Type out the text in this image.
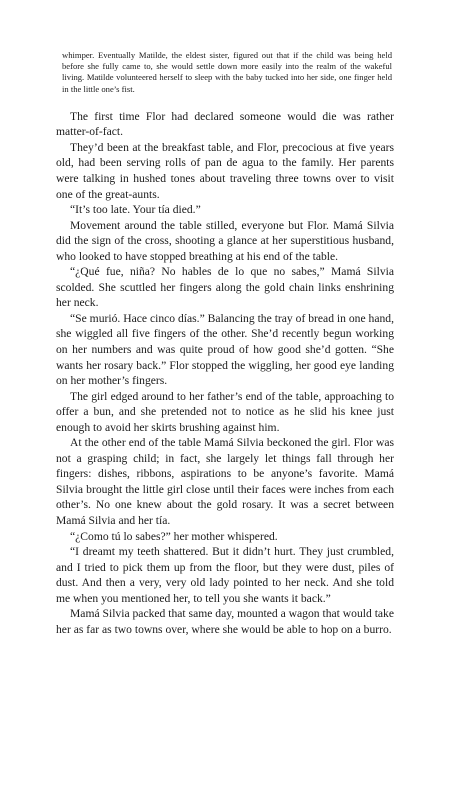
whimper. Eventually Matilde, the eldest sister, figured out that if the child was being held before she fully came to, she would settle down more easily into the realm of the wakeful living. Matilde volunteered herself to sleep with the baby tucked into her side, one finger held in the little one’s fist.

The first time Flor had declared someone would die was rather matter-of-fact.

They’d been at the breakfast table, and Flor, precocious at five years old, had been serving rolls of pan de agua to the family. Her parents were talking in hushed tones about traveling three towns over to visit one of the great-aunts.

“It’s too late. Your tía died.”

Movement around the table stilled, everyone but Flor. Mamá Silvia did the sign of the cross, shooting a glance at her superstitious husband, who looked to have stopped breathing at his end of the table.

“¿Qué fue, niña? No hables de lo que no sabes,” Mamá Silvia scolded. She scuttled her fingers along the gold chain links enshrining her neck.

“Se murió. Hace cinco días.” Balancing the tray of bread in one hand, she wiggled all five fingers of the other. She’d recently begun working on her numbers and was quite proud of how good she’d gotten. “She wants her rosary back.” Flor stopped the wiggling, her good eye landing on her mother’s fingers.

The girl edged around to her father’s end of the table, approaching to offer a bun, and she pretended not to notice as he slid his knee just enough to avoid her skirts brushing against him.

At the other end of the table Mamá Silvia beckoned the girl. Flor was not a grasping child; in fact, she largely let things fall through her fingers: dishes, ribbons, aspirations to be anyone’s favorite. Mamá Silvia brought the little girl close until their faces were inches from each other’s. No one knew about the gold rosary. It was a secret between Mamá Silvia and her tía.

“¿Como tú lo sabes?” her mother whispered.

“I dreamt my teeth shattered. But it didn’t hurt. They just crumbled, and I tried to pick them up from the floor, but they were dust, piles of dust. And then a very, very old lady pointed to her neck. And she told me when you mentioned her, to tell you she wants it back.”

Mamá Silvia packed that same day, mounted a wagon that would take her as far as two towns over, where she would be able to hop on a burro.
